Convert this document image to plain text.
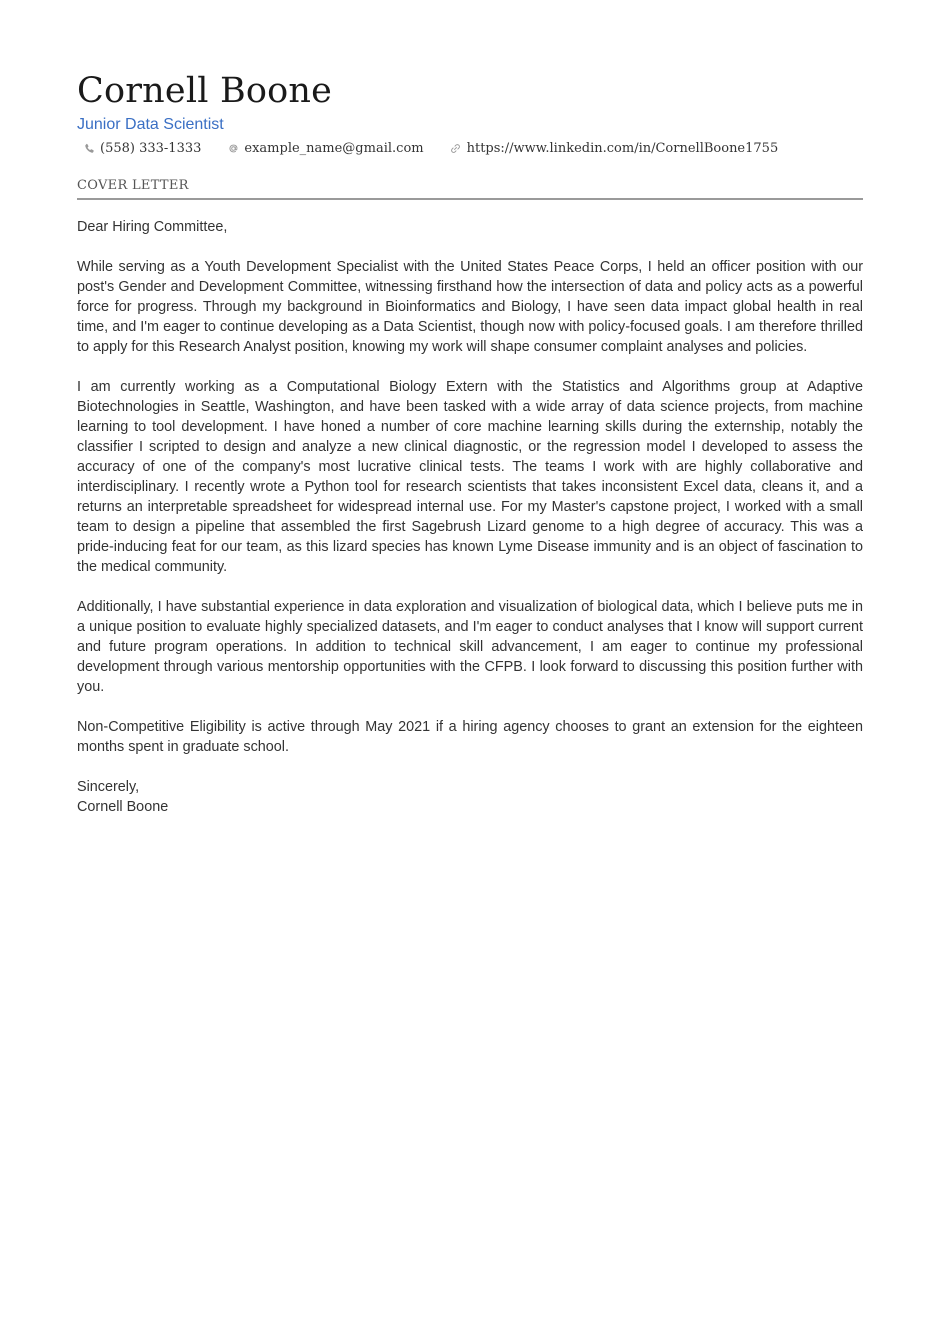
Cornell Boone
Junior Data Scientist
(558) 333-1333	example_name@gmail.com	https://www.linkedin.com/in/CornellBoone1755
COVER LETTER

Dear Hiring Committee,

While serving as a Youth Development Specialist with the United States Peace Corps, I held an officer position with our post's Gender and Development Committee, witnessing firsthand how the intersection of data and policy acts as a powerful force for progress. Through my background in Bioinformatics and Biology, I have seen data impact global health in real time, and I'm eager to continue developing as a Data Scientist, though now with policy-focused goals. I am therefore thrilled to apply for this Research Analyst position, knowing my work will shape consumer complaint analyses and policies.

I am currently working as a Computational Biology Extern with the Statistics and Algorithms group at Adaptive Biotechnologies in Seattle, Washington, and have been tasked with a wide array of data science projects, from machine learning to tool development. I have honed a number of core machine learning skills during the externship, notably the classifier I scripted to design and analyze a new clinical diagnostic, or the regression model I developed to assess the accuracy of one of the company's most lucrative clinical tests. The teams I work with are highly collaborative and interdisciplinary. I recently wrote a Python tool for research scientists that takes inconsistent Excel data, cleans it, and a returns an interpretable spreadsheet for widespread internal use. For my Master's capstone project, I worked with a small team to design a pipeline that assembled the first Sagebrush Lizard genome to a high degree of accuracy. This was a pride-inducing feat for our team, as this lizard species has known Lyme Disease immunity and is an object of fascination to the medical community.

Additionally, I have substantial experience in data exploration and visualization of biological data, which I believe puts me in a unique position to evaluate highly specialized datasets, and I'm eager to conduct analyses that I know will support current and future program operations. In addition to technical skill advancement, I am eager to continue my professional development through various mentorship opportunities with the CFPB. I look forward to discussing this position further with you.

Non-Competitive Eligibility is active through May 2021 if a hiring agency chooses to grant an extension for the eighteen months spent in graduate school.

Sincerely,
Cornell Boone
